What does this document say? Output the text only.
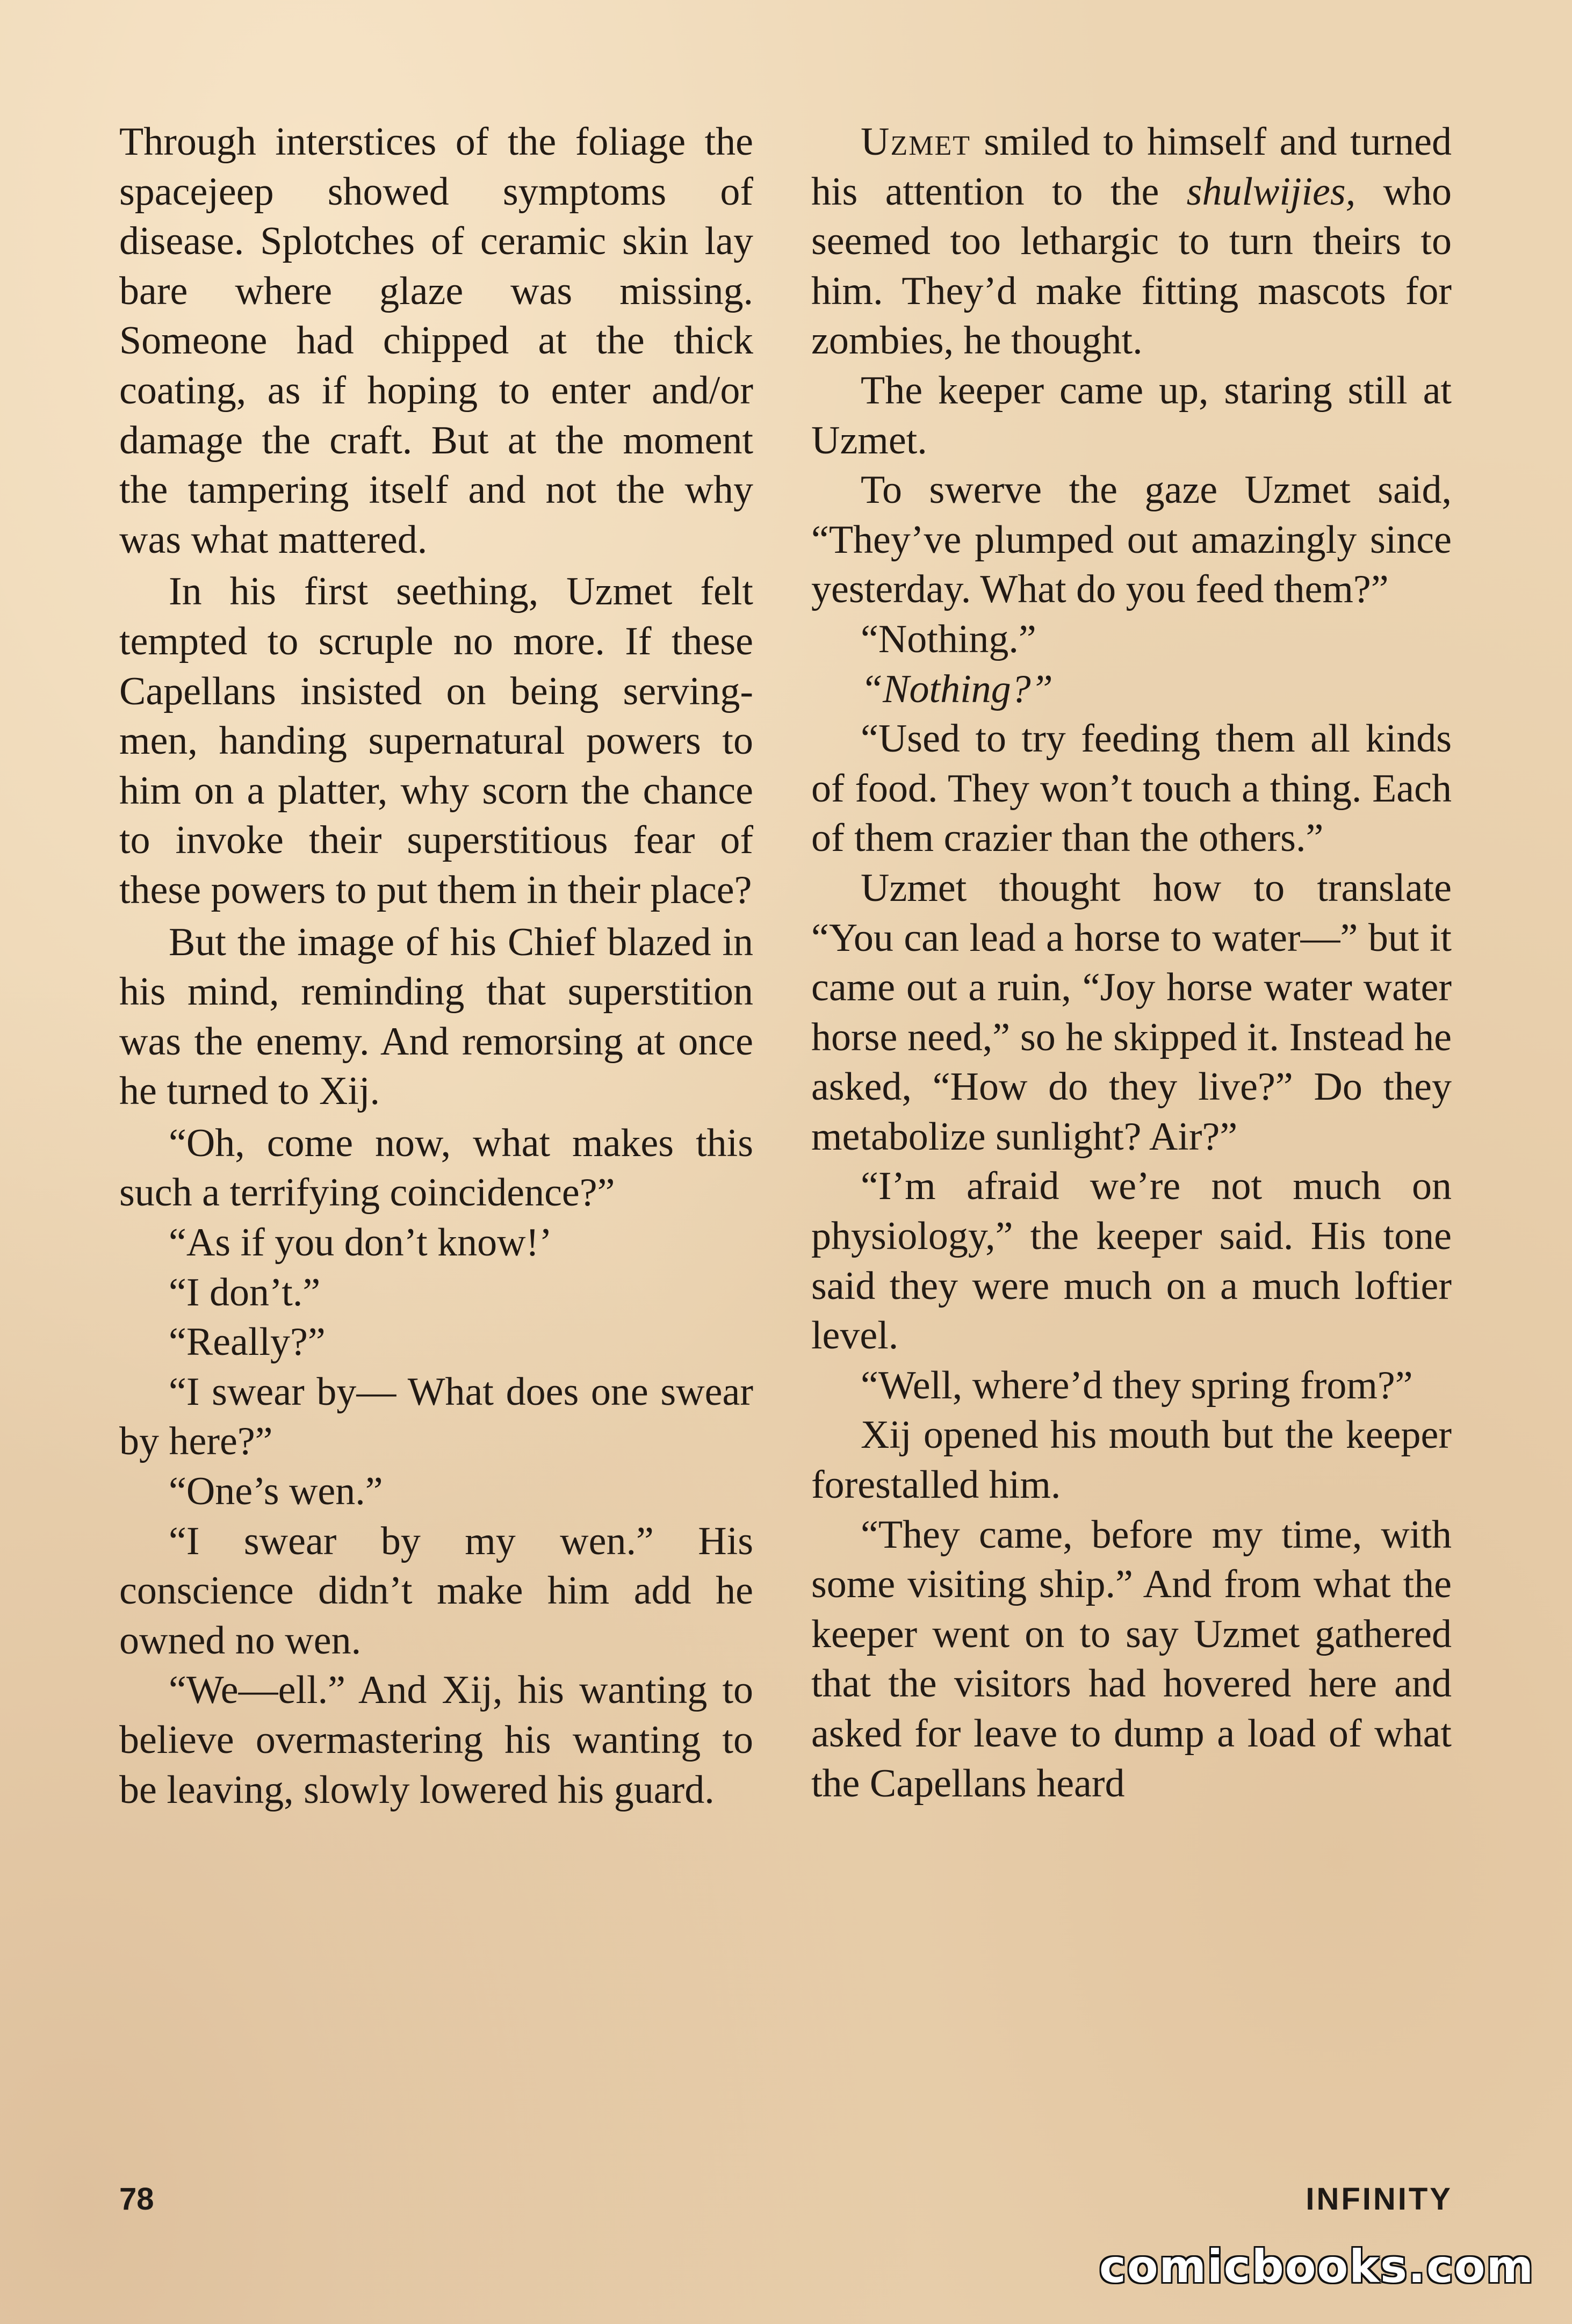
Through interstices of the foliage the spacejeep showed symptoms of disease. Splotches of ceramic skin lay bare where glaze was missing. Someone had chipped at the thick coating, as if hoping to enter and/or damage the craft. But at the moment the tampering itself and not the why was what mattered.

In his first seething, Uzmet felt tempted to scruple no more. If these Capellans insisted on being serving-men, handing supernatural powers to him on a platter, why scorn the chance to invoke their superstitious fear of these powers to put them in their place?

But the image of his Chief blazed in his mind, reminding that superstition was the enemy. And remorsing at once he turned to Xij.

“Oh, come now, what makes this such a terrifying coincidence?”

“As if you don’t know!’

“I don’t.”

“Really?”

“I swear by— What does one swear by here?”

“One’s wen.”

“I swear by my wen.” His conscience didn’t make him add he owned no wen.

“We—ell.” And Xij, his wanting to believe overmastering his wanting to be leaving, slowly lowered his guard.

Uzmet smiled to himself and turned his attention to the shulwijies, who seemed too lethargic to turn theirs to him. They’d make fitting mascots for zombies, he thought.

The keeper came up, staring still at Uzmet.

To swerve the gaze Uzmet said, “They’ve plumped out amazingly since yesterday. What do you feed them?”

“Nothing.”

“Nothing?”

“Used to try feeding them all kinds of food. They won’t touch a thing. Each of them crazier than the others.”

Uzmet thought how to translate “You can lead a horse to water—” but it came out a ruin, “Joy horse water water horse need,” so he skipped it. Instead he asked, “How do they live?” Do they metabolize sunlight? Air?”

“I’m afraid we’re not much on physiology,” the keeper said. His tone said they were much on a much loftier level.

“Well, where’d they spring from?”

Xij opened his mouth but the keeper forestalled him.

“They came, before my time, with some visiting ship.” And from what the keeper went on to say Uzmet gathered that the visitors had hovered here and asked for leave to dump a load of what the Capellans heard

78	INFINITY
comicbooks.com
